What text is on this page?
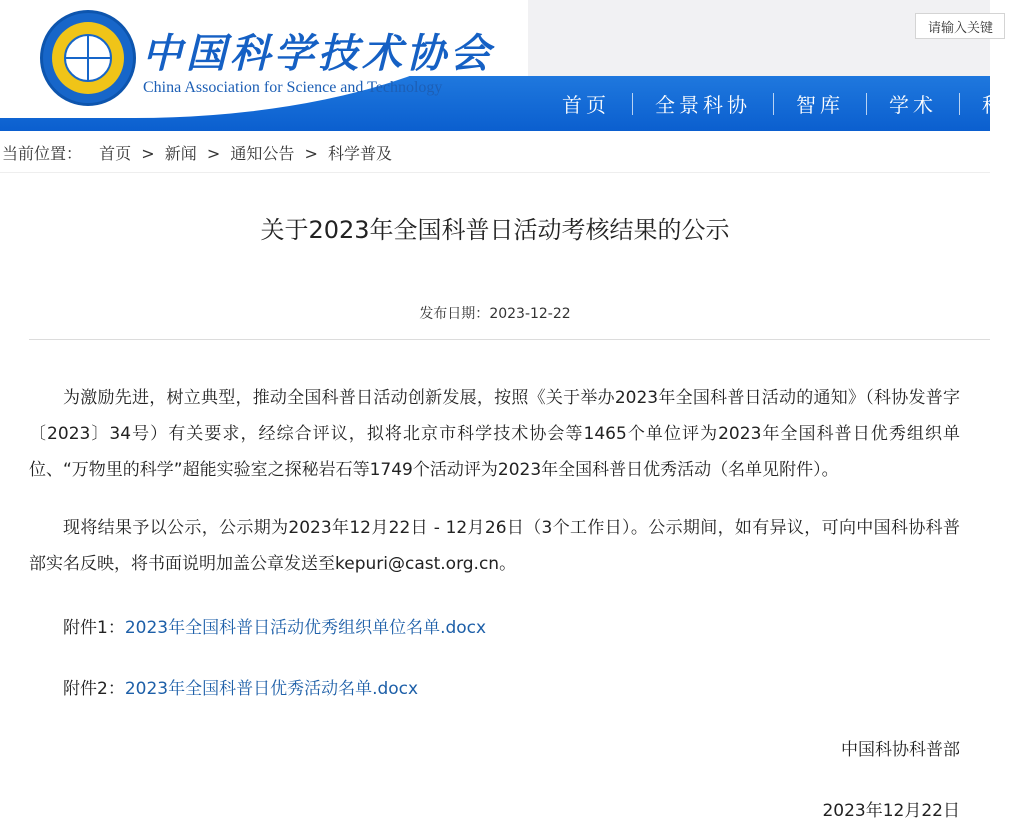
中国科学技术协会
China Association for Science and Technology
请输入关键
首页	全景科协	智库	学术	科
当前位置： 首页 > 新闻 > 通知公告 > 科学普及
关于2023年全国科普日活动考核结果的公示
发布日期：2023-12-22
为激励先进，树立典型，推动全国科普日活动创新发展，按照《关于举办2023年全国科普日活动的通知》（科协发普字〔2023〕34号）有关要求，经综合评议，拟将北京市科学技术协会等1465个单位评为2023年全国科普日优秀组织单位、“万物里的科学”超能实验室之探秘岩石等1749个活动评为2023年全国科普日优秀活动（名单见附件）。
现将结果予以公示，公示期为2023年12月22日 - 12月26日（3个工作日）。公示期间，如有异议，可向中国科协科普部实名反映，将书面说明加盖公章发送至kepuri@cast.org.cn。
附件1：2023年全国科普日活动优秀组织单位名单.docx
附件2：2023年全国科普日优秀活动名单.docx
中国科协科普部
2023年12月22日
